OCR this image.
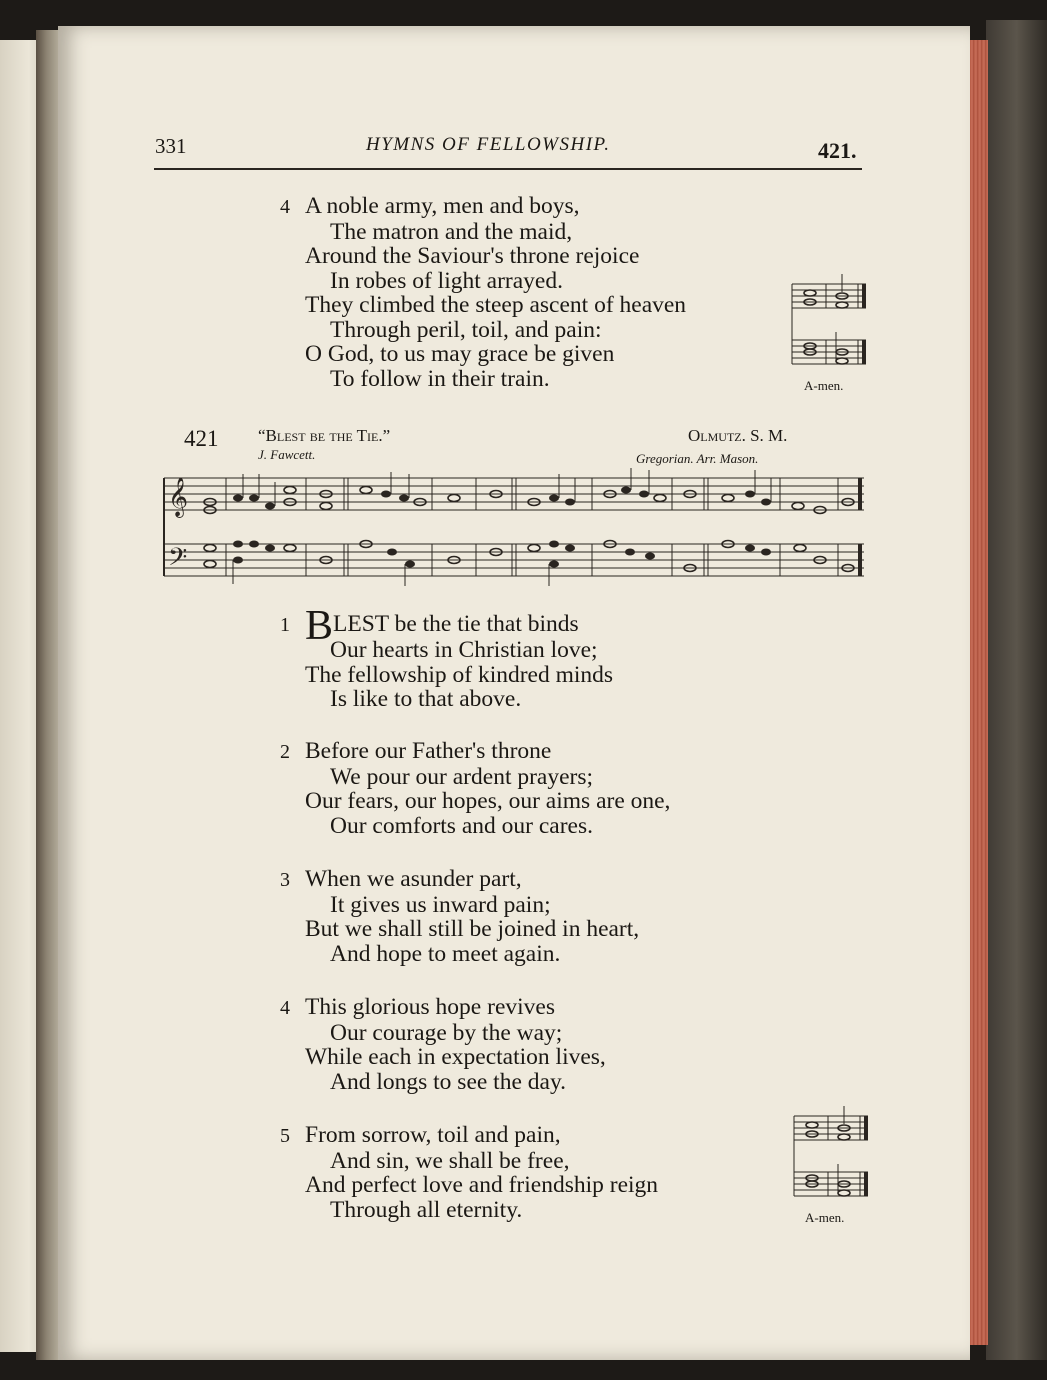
331	HYMNS OF FELLOWSHIP.	421.
4 A noble army, men and boys,
The matron and the maid,
Around the Saviour's throne rejoice
In robes of light arrayed.
They climbed the steep ascent of heaven
Through peril, toil, and pain:
O God, to us may grace be given
To follow in their train.	A-men.
421 “Blest be the Tie.”	Olmutz. S. M.
J. Fawcett.	Gregorian. Arr. Mason.
𝄞
𝄢
1 BLEST be the tie that binds
Our hearts in Christian love;
The fellowship of kindred minds
Is like to that above.
2 Before our Father's throne
We pour our ardent prayers;
Our fears, our hopes, our aims are one,
Our comforts and our cares.
3 When we asunder part,
It gives us inward pain;
But we shall still be joined in heart,
And hope to meet again.
4 This glorious hope revives
Our courage by the way;
While each in expectation lives,
And longs to see the day.
5 From sorrow, toil and pain,
And sin, we shall be free,
And perfect love and friendship reign
Through all eternity.	A-men.
